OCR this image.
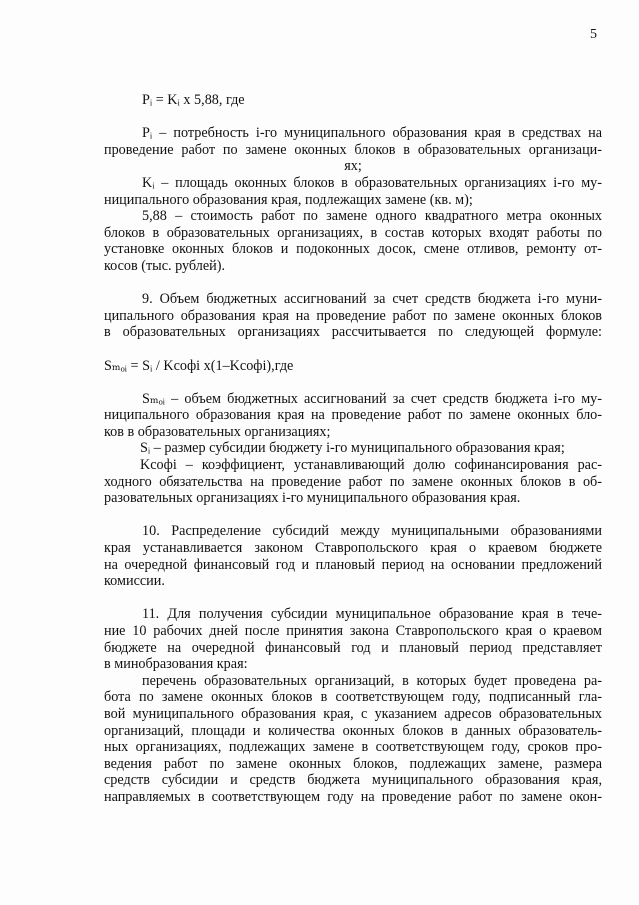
5
Pᵢ = Kᵢ x 5,88, где
Pᵢ – потребность i-го муниципального образования края в средствах на
проведение работ по замене оконных блоков в образовательных организаци-
ях;
Kᵢ – площадь оконных блоков в образовательных организациях i-го му-
ниципального образования края, подлежащих замене (кв. м);
5,88 – стоимость работ по замене одного квадратного метра оконных
блоков в образовательных организациях, в состав которых входят работы по
установке оконных блоков и подоконных досок, смене отливов, ремонту от-
косов (тыс. рублей).
9. Объем бюджетных ассигнований за счет средств бюджета i-го муни-
ципального образования края на проведение работ по замене оконных блоков
в образовательных организациях рассчитывается по следующей формуле:
Sₘₒᵢ = Sᵢ / Kсофi x(1–Kсофi),где
Sₘₒᵢ – объем бюджетных ассигнований за счет средств бюджета i-го му-
ниципального образования края на проведение работ по замене оконных бло-
ков в образовательных организациях;
Sᵢ – размер субсидии бюджету i-го муниципального образования края;
Kсофi – коэффициент, устанавливающий долю софинансирования рас-
ходного обязательства на проведение работ по замене оконных блоков в об-
разовательных организациях i-го муниципального образования края.
10. Распределение субсидий между муниципальными образованиями
края устанавливается законом Ставропольского края о краевом бюджете
на очередной финансовый год и плановый период на основании предложений
комиссии.
11. Для получения субсидии муниципальное образование края в тече-
ние 10 рабочих дней после принятия закона Ставропольского края о краевом
бюджете на очередной финансовый год и плановый период представляет
в минобразования края:
перечень образовательных организаций, в которых будет проведена ра-
бота по замене оконных блоков в соответствующем году, подписанный гла-
вой муниципального образования края, с указанием адресов образовательных
организаций, площади и количества оконных блоков в данных образователь-
ных организациях, подлежащих замене в соответствующем году, сроков про-
ведения работ по замене оконных блоков, подлежащих замене, размера
средств субсидии и средств бюджета муниципального образования края,
направляемых в соответствующем году на проведение работ по замене окон-
